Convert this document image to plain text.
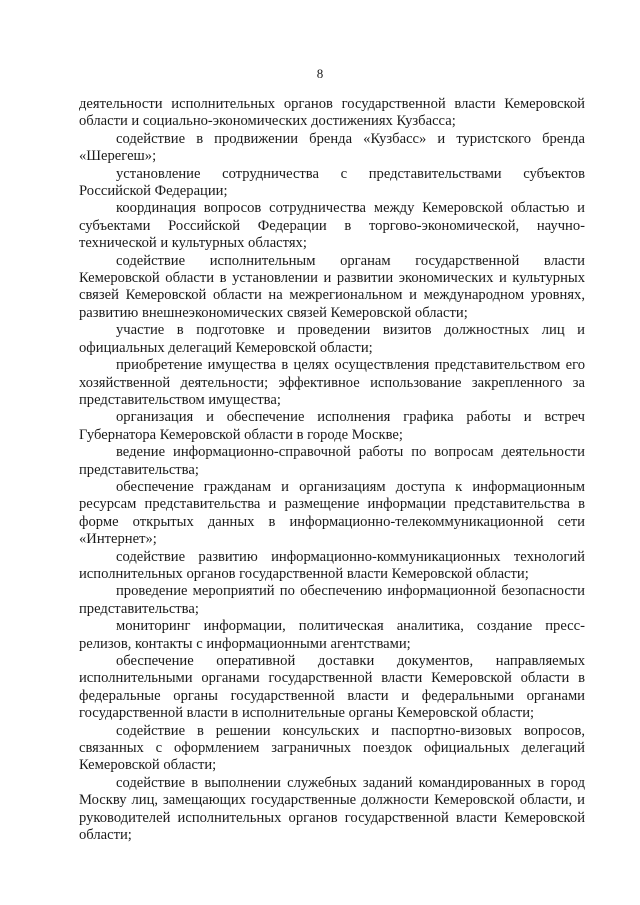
8

деятельности исполнительных органов государственной власти Кемеровской области и социально-экономических достижениях Кузбасса;

содействие в продвижении бренда «Кузбасс» и туристского бренда «Шерегеш»;

установление сотрудничества с представительствами субъектов Российской Федерации;

координация вопросов сотрудничества между Кемеровской областью и субъектами Российской Федерации в торгово-экономической, научно-технической и культурных областях;

содействие исполнительным органам государственной власти Кемеровской области в установлении и развитии экономических и культурных связей Кемеровской области на межрегиональном и международном уровнях, развитию внешнеэкономических связей Кемеровской области;

участие в подготовке и проведении визитов должностных лиц и официальных делегаций Кемеровской области;

приобретение имущества в целях осуществления представительством его хозяйственной деятельности; эффективное использование закрепленного за представительством имущества;

организация и обеспечение исполнения графика работы и встреч Губернатора Кемеровской области в городе Москве;

ведение информационно-справочной работы по вопросам деятельности представительства;

обеспечение гражданам и организациям доступа к информационным ресурсам представительства и размещение информации представительства в форме открытых данных в информационно-телекоммуникационной сети «Интернет»;

содействие развитию информационно-коммуникационных технологий исполнительных органов государственной власти Кемеровской области;

проведение мероприятий по обеспечению информационной безопасности представительства;

мониторинг информации, политическая аналитика, создание пресс-релизов, контакты с информационными агентствами;

обеспечение оперативной доставки документов, направляемых исполнительными органами государственной власти Кемеровской области в федеральные органы государственной власти и федеральными органами государственной власти в исполнительные органы Кемеровской области;

содействие в решении консульских и паспортно-визовых вопросов, связанных с оформлением заграничных поездок официальных делегаций Кемеровской области;

содействие в выполнении служебных заданий командированных в город Москву лиц, замещающих государственные должности Кемеровской области, и руководителей исполнительных органов государственной власти Кемеровской области;
